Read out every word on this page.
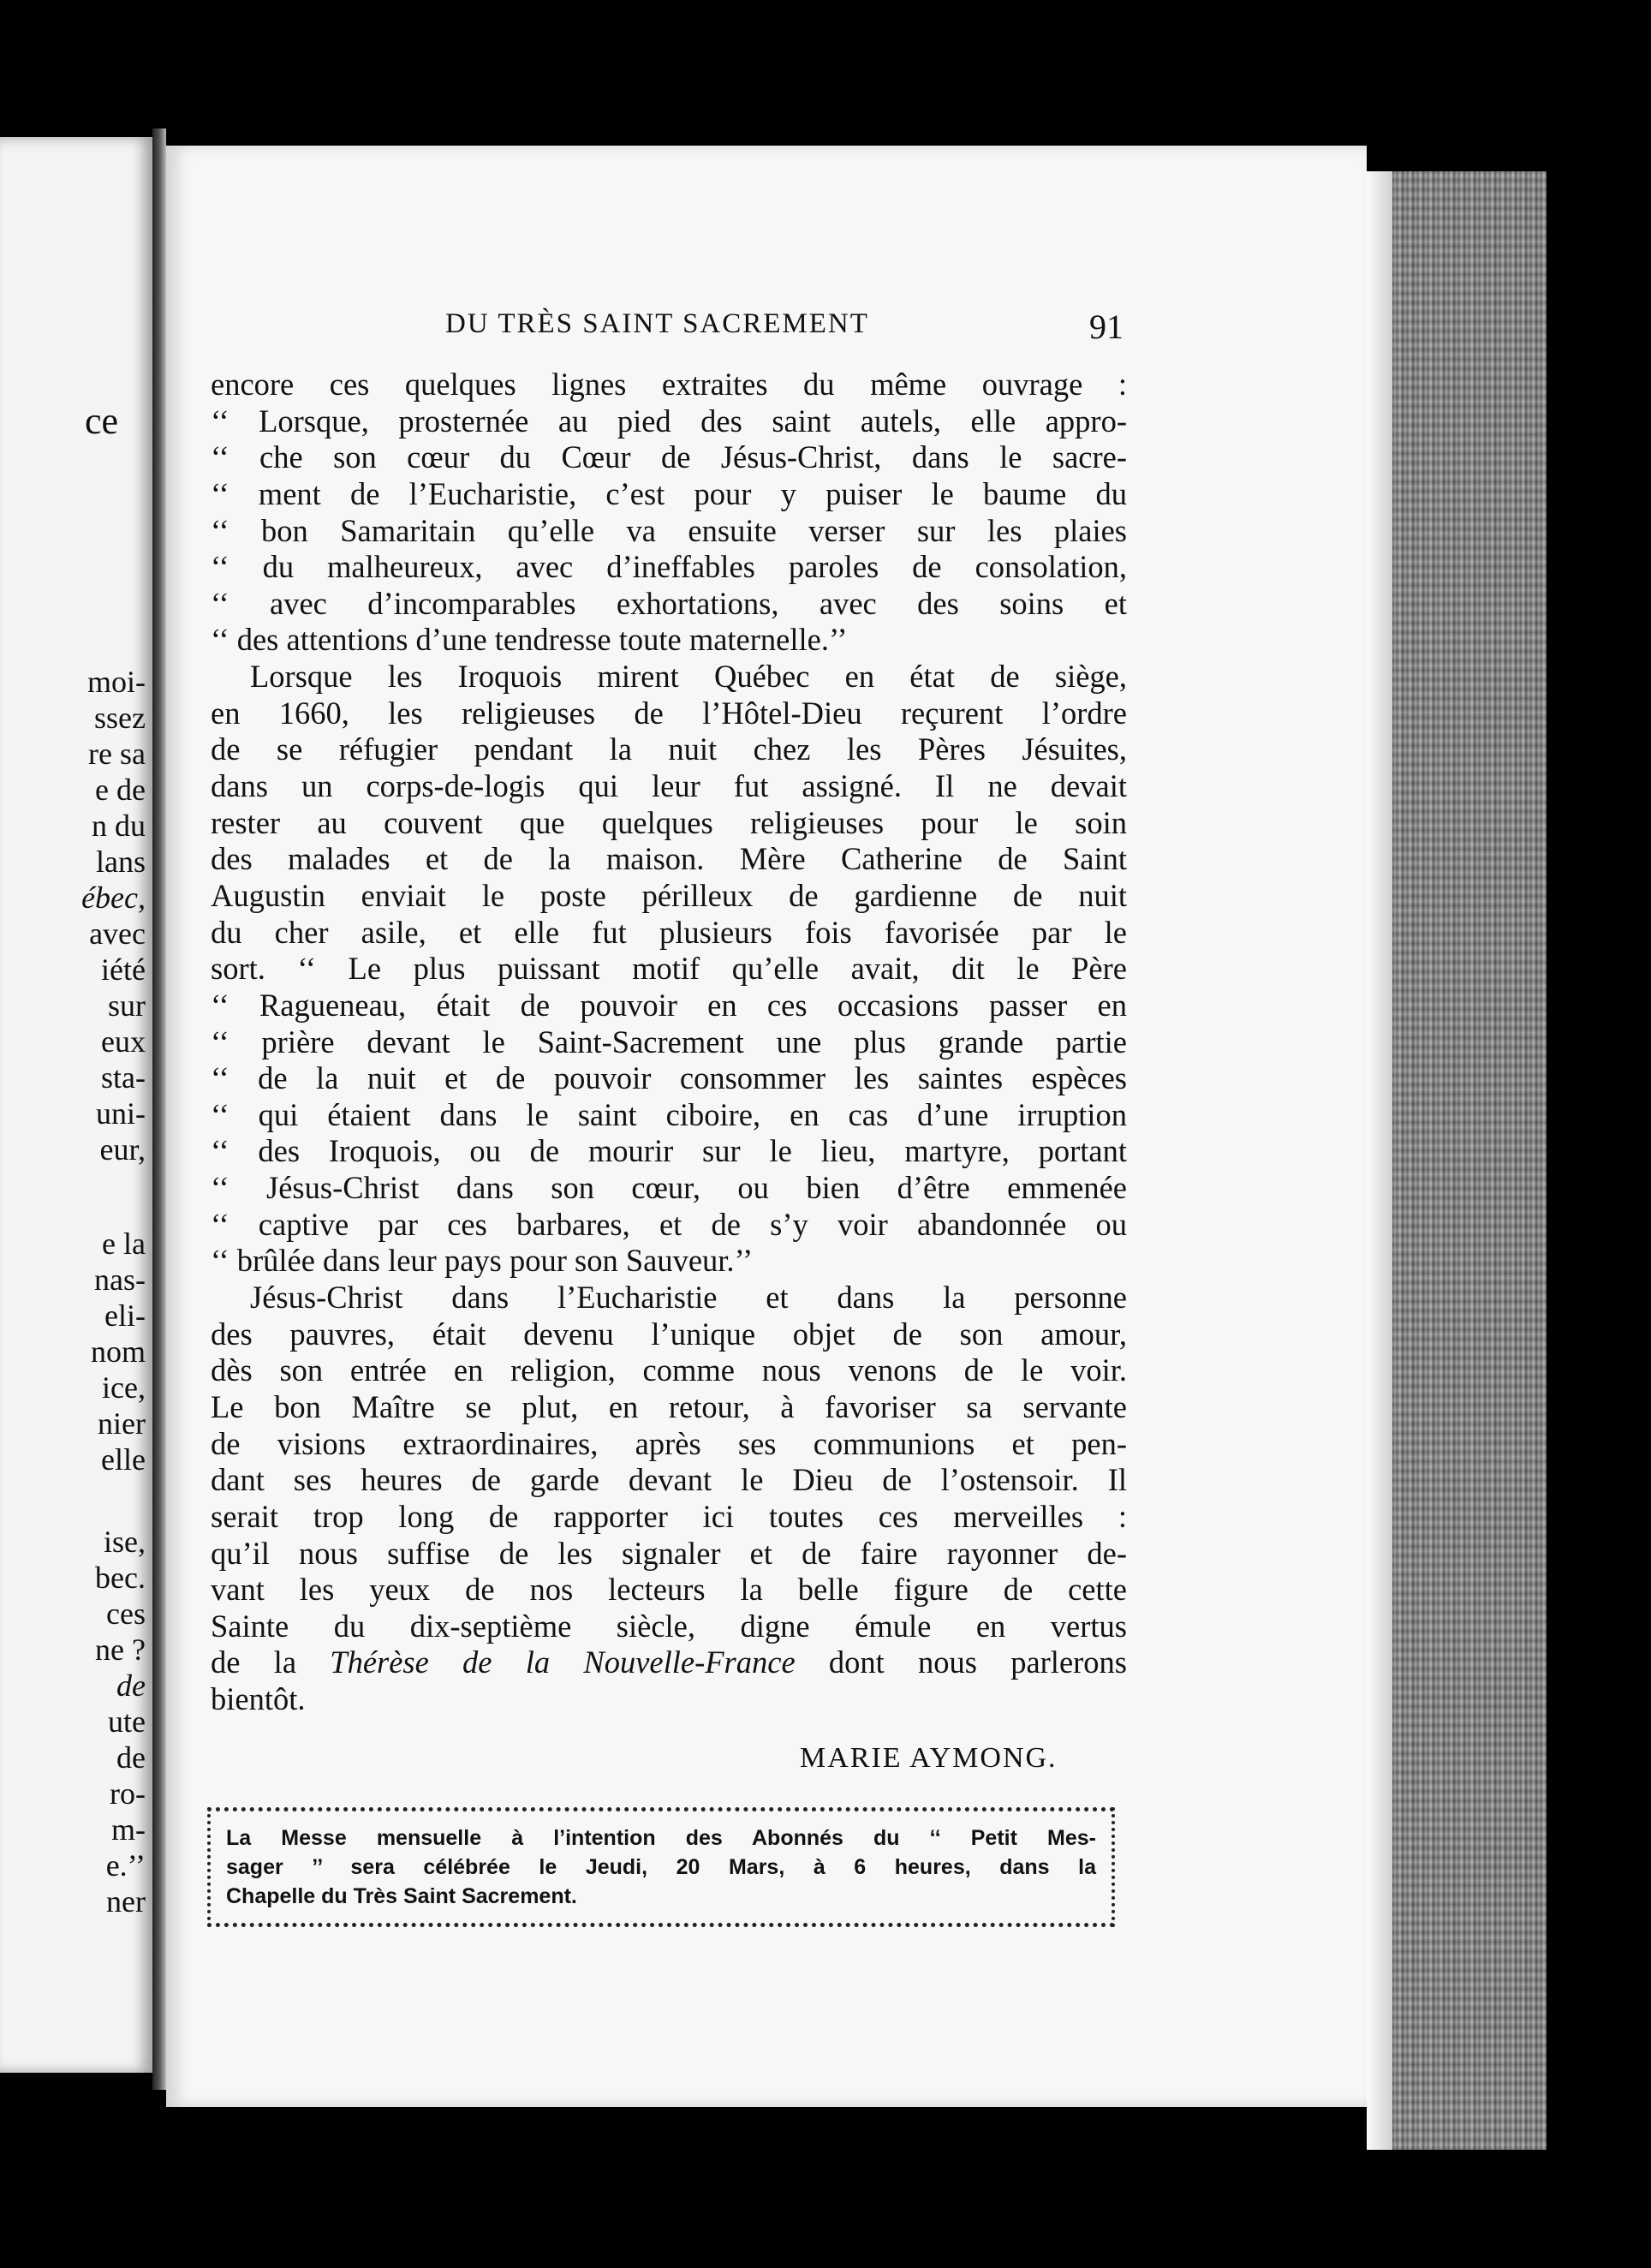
ce
moi-
ssez
re sa
e de
n du
lans
ébec,
avec
iété
sur
eux
sta-
uni-
eur,
e la
nas-
eli-
nom
ice,
nier
elle
ise,
bec.
ces
ne ?
de
ute
de
ro-
m-
e.’’
ner
DU TRÈS SAINT SACREMENT	91
encore ces quelques lignes extraites du même ouvrage :
‘‘ Lorsque, prosternée au pied des saint autels, elle appro-
‘‘ che son cœur du Cœur de Jésus-Christ, dans le sacre-
‘‘ ment de l’Eucharistie, c’est pour y puiser le baume du
‘‘ bon Samaritain qu’elle va ensuite verser sur les plaies
‘‘ du malheureux, avec d’ineffables paroles de consolation,
‘‘ avec d’incomparables exhortations, avec des soins et
‘‘ des attentions d’une tendresse toute maternelle.’’
Lorsque les Iroquois mirent Québec en état de siège,
en 1660, les religieuses de l’Hôtel-Dieu reçurent l’ordre
de se réfugier pendant la nuit chez les Pères Jésuites,
dans un corps-de-logis qui leur fut assigné. Il ne devait
rester au couvent que quelques religieuses pour le soin
des malades et de la maison. Mère Catherine de Saint
Augustin enviait le poste périlleux de gardienne de nuit
du cher asile, et elle fut plusieurs fois favorisée par le
sort. ‘‘ Le plus puissant motif qu’elle avait, dit le Père
‘‘ Ragueneau, était de pouvoir en ces occasions passer en
‘‘ prière devant le Saint-Sacrement une plus grande partie
‘‘ de la nuit et de pouvoir consommer les saintes espèces
‘‘ qui étaient dans le saint ciboire, en cas d’une irruption
‘‘ des Iroquois, ou de mourir sur le lieu, martyre, portant
‘‘ Jésus-Christ dans son cœur, ou bien d’être emmenée
‘‘ captive par ces barbares, et de s’y voir abandonnée ou
‘‘ brûlée dans leur pays pour son Sauveur.’’
Jésus-Christ dans l’Eucharistie et dans la personne
des pauvres, était devenu l’unique objet de son amour,
dès son entrée en religion, comme nous venons de le voir.
Le bon Maître se plut, en retour, à favoriser sa servante
de visions extraordinaires, après ses communions et pen-
dant ses heures de garde devant le Dieu de l’ostensoir. Il
serait trop long de rapporter ici toutes ces merveilles :
qu’il nous suffise de les signaler et de faire rayonner de-
vant les yeux de nos lecteurs la belle figure de cette
Sainte du dix-septième siècle, digne émule en vertus
de la Thérèse de la Nouvelle-France dont nous parlerons
bientôt.
MARIE AYMONG.
La Messe mensuelle à l’intention des Abonnés du ‘‘ Petit Mes-
sager ’’ sera célébrée le Jeudi, 20 Mars, à 6 heures, dans la
Chapelle du Très Saint Sacrement.
